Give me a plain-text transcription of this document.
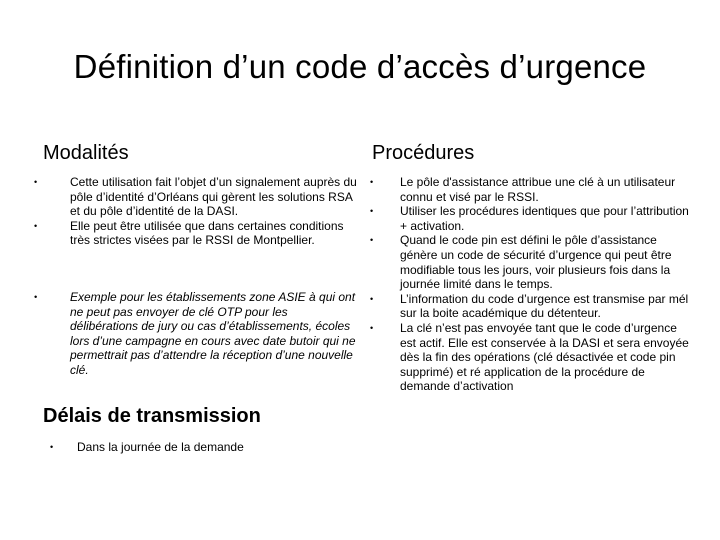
Définition d’un code d’accès d’urgence
Modalités
•	Cette utilisation fait l’objet d’un signalement auprès du pôle d’identité d’Orléans qui gèrent les solutions RSA et du pôle d’identité de la DASI.
•	Elle peut être utilisée que dans certaines conditions très strictes visées par le RSSI de Montpellier.
•	Exemple pour les établissements zone ASIE à qui ont ne peut pas envoyer de clé OTP pour les délibérations de jury ou cas d’établissements, écoles lors d’une campagne en cours avec date butoir qui ne permettrait pas d’attendre la réception d’une nouvelle clé.
Délais de transmission
• Dans la journée de la demande
Procédures
• Le pôle d'assistance attribue une clé à un utilisateur connu et visé par le RSSI.
• Utiliser les procédures identiques que pour l’attribution + activation.
• Quand le code pin est défini le pôle d’assistance génère un code de sécurité d’urgence qui peut être modifiable tous les jours, voir plusieurs fois dans la journée limité dans le temps.
• L’information du code d’urgence est transmise par mél sur la boite académique du détenteur.
• La clé n’est pas envoyée tant que le code d’urgence est actif. Elle est conservée à la DASI et sera envoyée dès la fin des opérations (clé désactivée et code pin supprimé) et ré application de la procédure de demande d’activation
